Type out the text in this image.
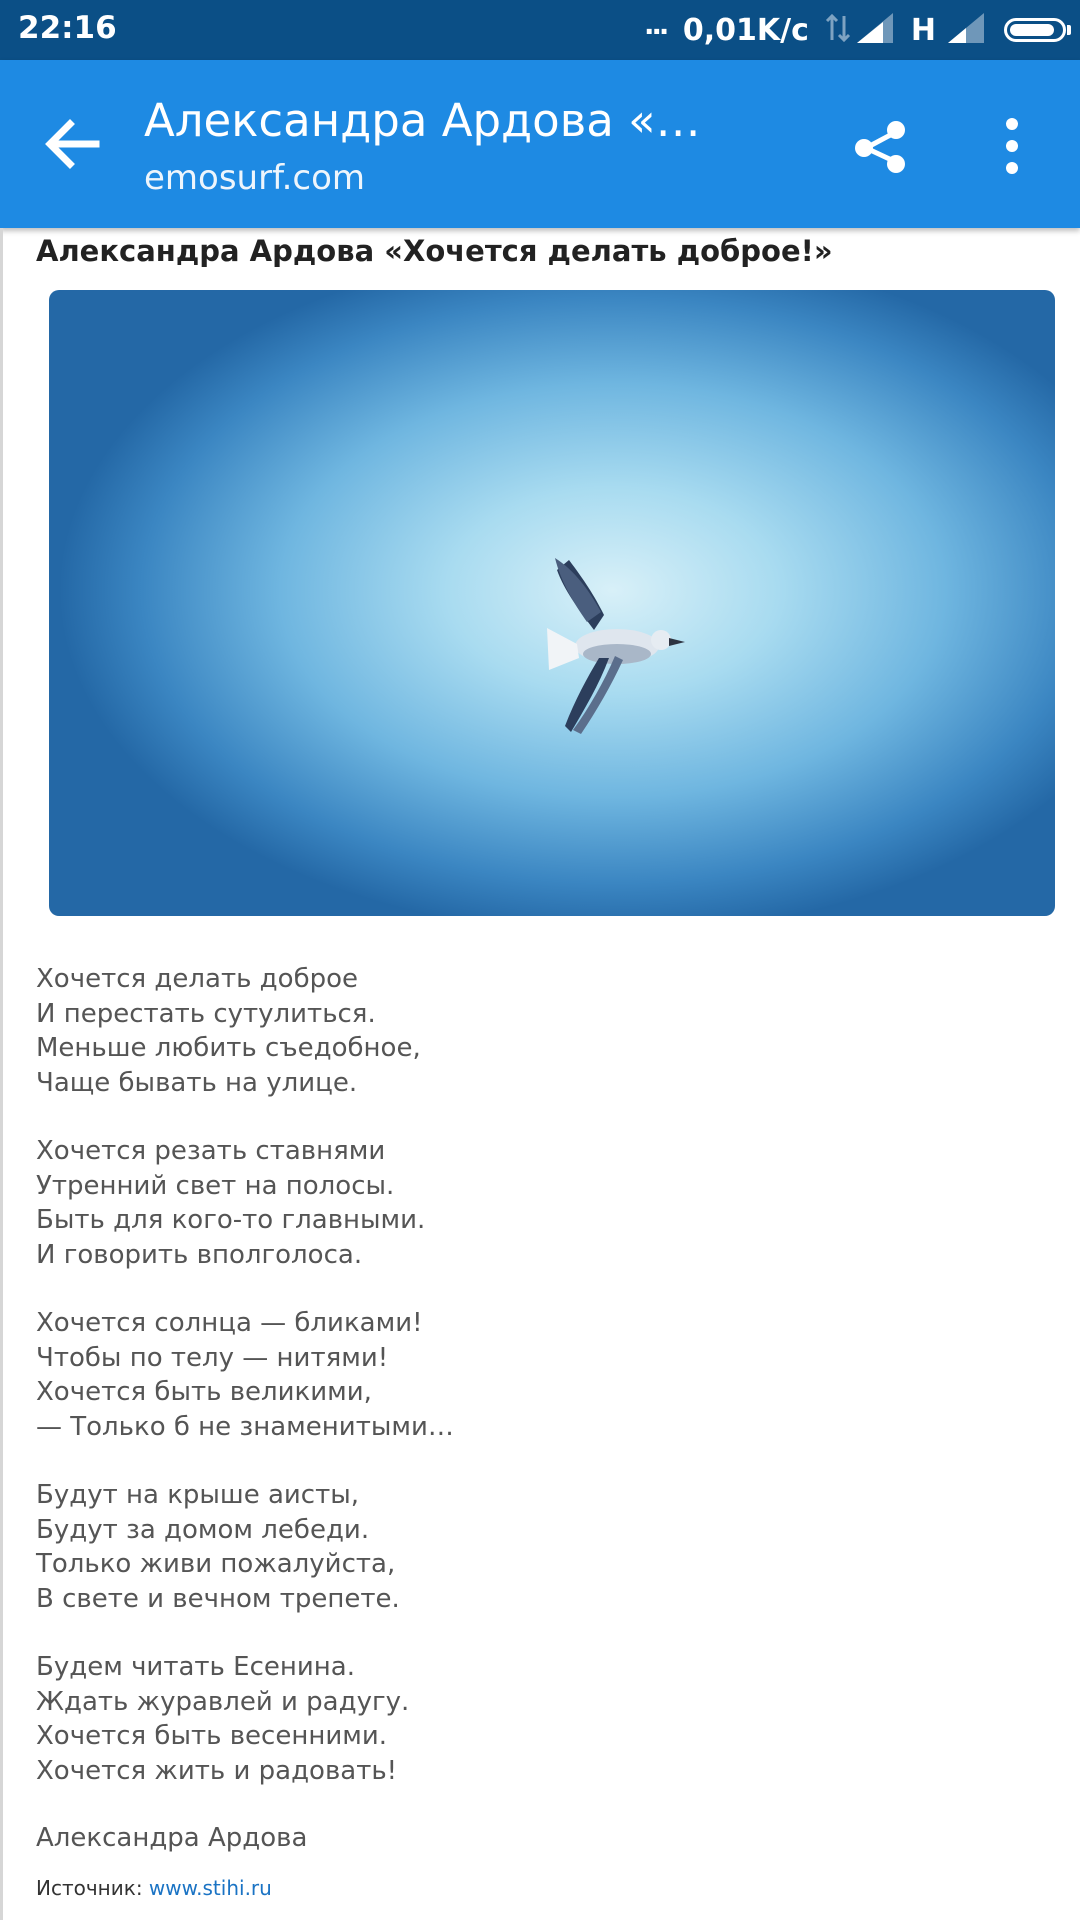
22:16	... 0,01K/c	H
Александра Ардова «…
emosurf.com
Александра Ардова «Хочется делать доброе!»
Хочется делать доброе
И перестать сутулиться.
Меньше любить съедобное,
Чаще бывать на улице.
Хочется резать ставнями
Утренний свет на полосы.
Быть для кого-то главными.
И говорить вполголоса.
Хочется солнца — бликами!
Чтобы по телу — нитями!
Хочется быть великими,
— Только б не знаменитыми…
Будут на крыше аисты,
Будут за домом лебеди.
Только живи пожалуйста,
В свете и вечном трепете.
Будем читать Есенина.
Ждать журавлей и радугу.
Хочется быть весенними.
Хочется жить и радовать!
Александра Ардова
Источник: www.stihi.ru
